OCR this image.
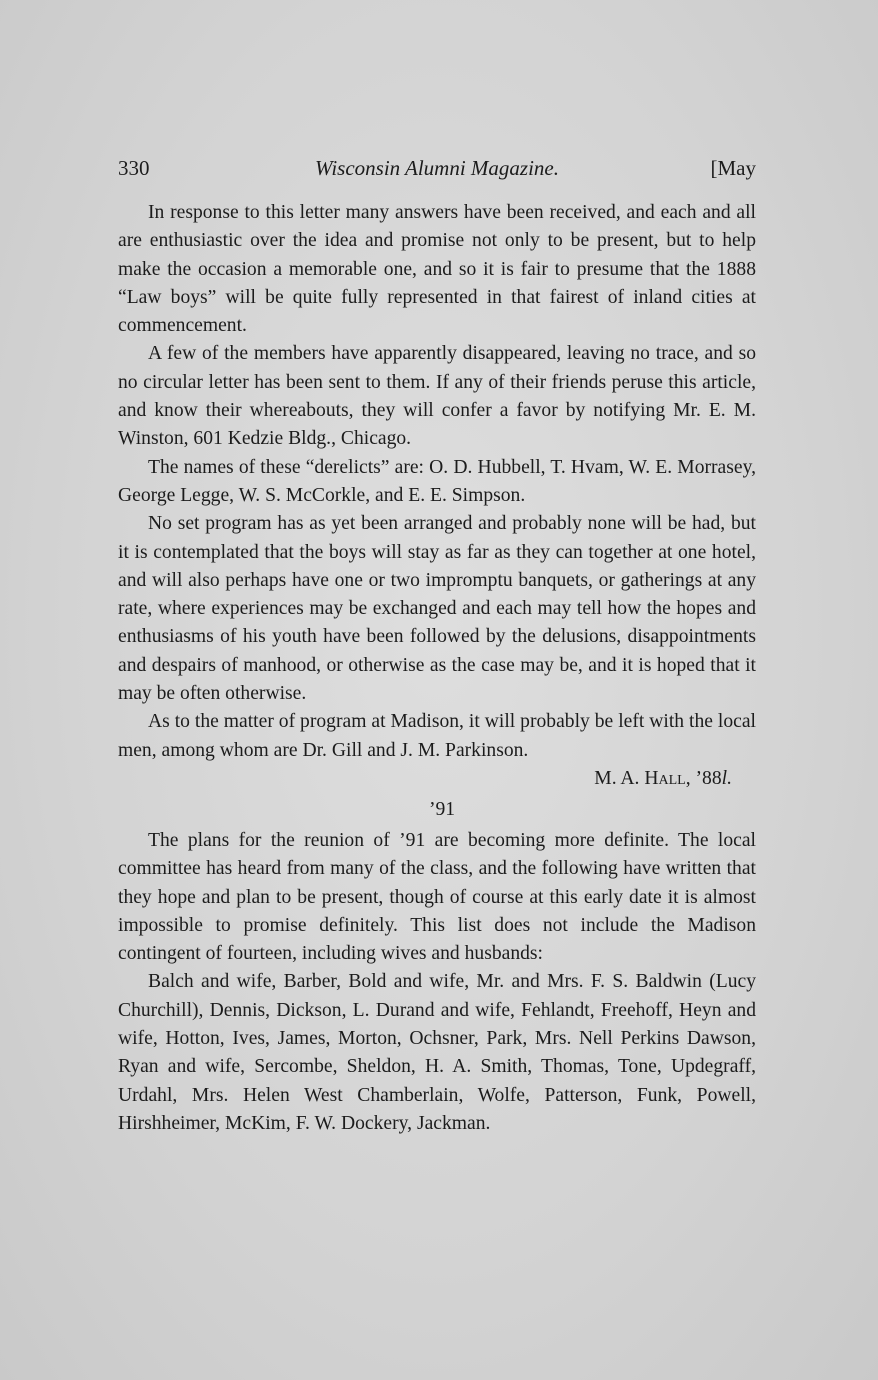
330	Wisconsin Alumni Magazine.	[May

In response to this letter many answers have been received, and each and all are enthusiastic over the idea and promise not only to be present, but to help make the occasion a memorable one, and so it is fair to presume that the 1888 “Law boys” will be quite fully represented in that fairest of inland cities at commencement.

A few of the members have apparently disappeared, leaving no trace, and so no circular letter has been sent to them. If any of their friends peruse this article, and know their whereabouts, they will confer a favor by notifying Mr. E. M. Winston, 601 Kedzie Bldg., Chicago.

The names of these “derelicts” are: O. D. Hubbell, T. Hvam, W. E. Morrasey, George Legge, W. S. McCorkle, and E. E. Simpson.

No set program has as yet been arranged and probably none will be had, but it is contemplated that the boys will stay as far as they can together at one hotel, and will also perhaps have one or two impromptu banquets, or gatherings at any rate, where experiences may be exchanged and each may tell how the hopes and enthusiasms of his youth have been followed by the delusions, disappointments and despairs of manhood, or otherwise as the case may be, and it is hoped that it may be often otherwise.

As to the matter of program at Madison, it will probably be left with the local men, among whom are Dr. Gill and J. M. Parkinson.

M. A. Hall, ’88l.

’91

The plans for the reunion of ’91 are becoming more definite. The local committee has heard from many of the class, and the following have written that they hope and plan to be present, though of course at this early date it is almost impossible to promise definitely. This list does not include the Madison contingent of fourteen, including wives and husbands:

Balch and wife, Barber, Bold and wife, Mr. and Mrs. F. S. Baldwin (Lucy Churchill), Dennis, Dickson, L. Durand and wife, Fehlandt, Freehoff, Heyn and wife, Hotton, Ives, James, Morton, Ochsner, Park, Mrs. Nell Perkins Dawson, Ryan and wife, Sercombe, Sheldon, H. A. Smith, Thomas, Tone, Updegraff, Urdahl, Mrs. Helen West Chamberlain, Wolfe, Patterson, Funk, Powell, Hirshheimer, McKim, F. W. Dockery, Jackman.
